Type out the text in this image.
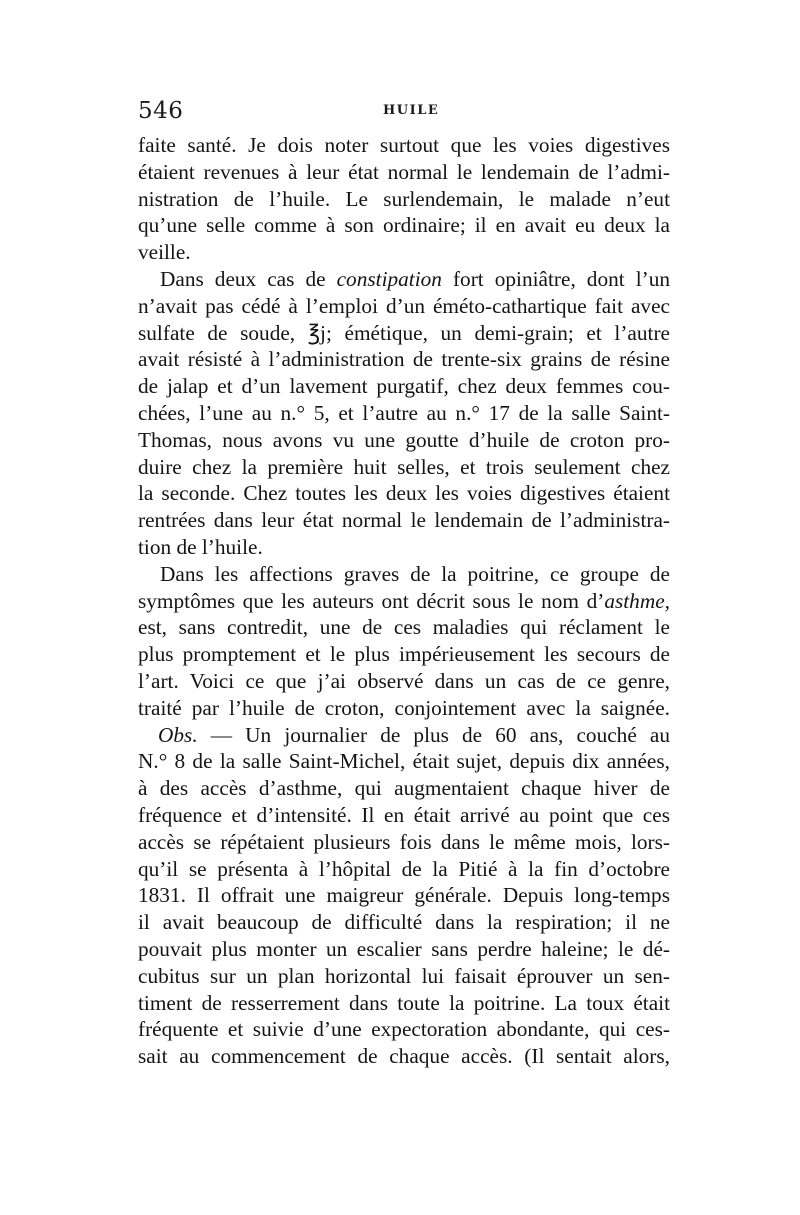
546	HUILE
faite santé. Je dois noter surtout que les voies digestives
étaient revenues à leur état normal le lendemain de l’admi-
nistration de l’huile. Le surlendemain, le malade n’eut
qu’une selle comme à son ordinaire; il en avait eu deux la
veille.
Dans deux cas de constipation fort opiniâtre, dont l’un
n’avait pas cédé à l’emploi d’un éméto-cathartique fait avec
sulfate de soude, ℥j; émétique, un demi-grain; et l’autre
avait résisté à l’administration de trente-six grains de résine
de jalap et d’un lavement purgatif, chez deux femmes cou-
chées, l’une au n.° 5, et l’autre au n.° 17 de la salle Saint-
Thomas, nous avons vu une goutte d’huile de croton pro-
duire chez la première huit selles, et trois seulement chez
la seconde. Chez toutes les deux les voies digestives étaient
rentrées dans leur état normal le lendemain de l’administra-
tion de l’huile.
Dans les affections graves de la poitrine, ce groupe de
symptômes que les auteurs ont décrit sous le nom d’asthme,
est, sans contredit, une de ces maladies qui réclament le
plus promptement et le plus impérieusement les secours de
l’art. Voici ce que j’ai observé dans un cas de ce genre,
traité par l’huile de croton, conjointement avec la saignée.
Obs. — Un journalier de plus de 60 ans, couché au
N.° 8 de la salle Saint-Michel, était sujet, depuis dix années,
à des accès d’asthme, qui augmentaient chaque hiver de
fréquence et d’intensité. Il en était arrivé au point que ces
accès se répétaient plusieurs fois dans le même mois, lors-
qu’il se présenta à l’hôpital de la Pitié à la fin d’octobre
1831. Il offrait une maigreur générale. Depuis long-temps
il avait beaucoup de difficulté dans la respiration; il ne
pouvait plus monter un escalier sans perdre haleine; le dé-
cubitus sur un plan horizontal lui faisait éprouver un sen-
timent de resserrement dans toute la poitrine. La toux était
fréquente et suivie d’une expectoration abondante, qui ces-
sait au commencement de chaque accès. (Il sentait alors,
